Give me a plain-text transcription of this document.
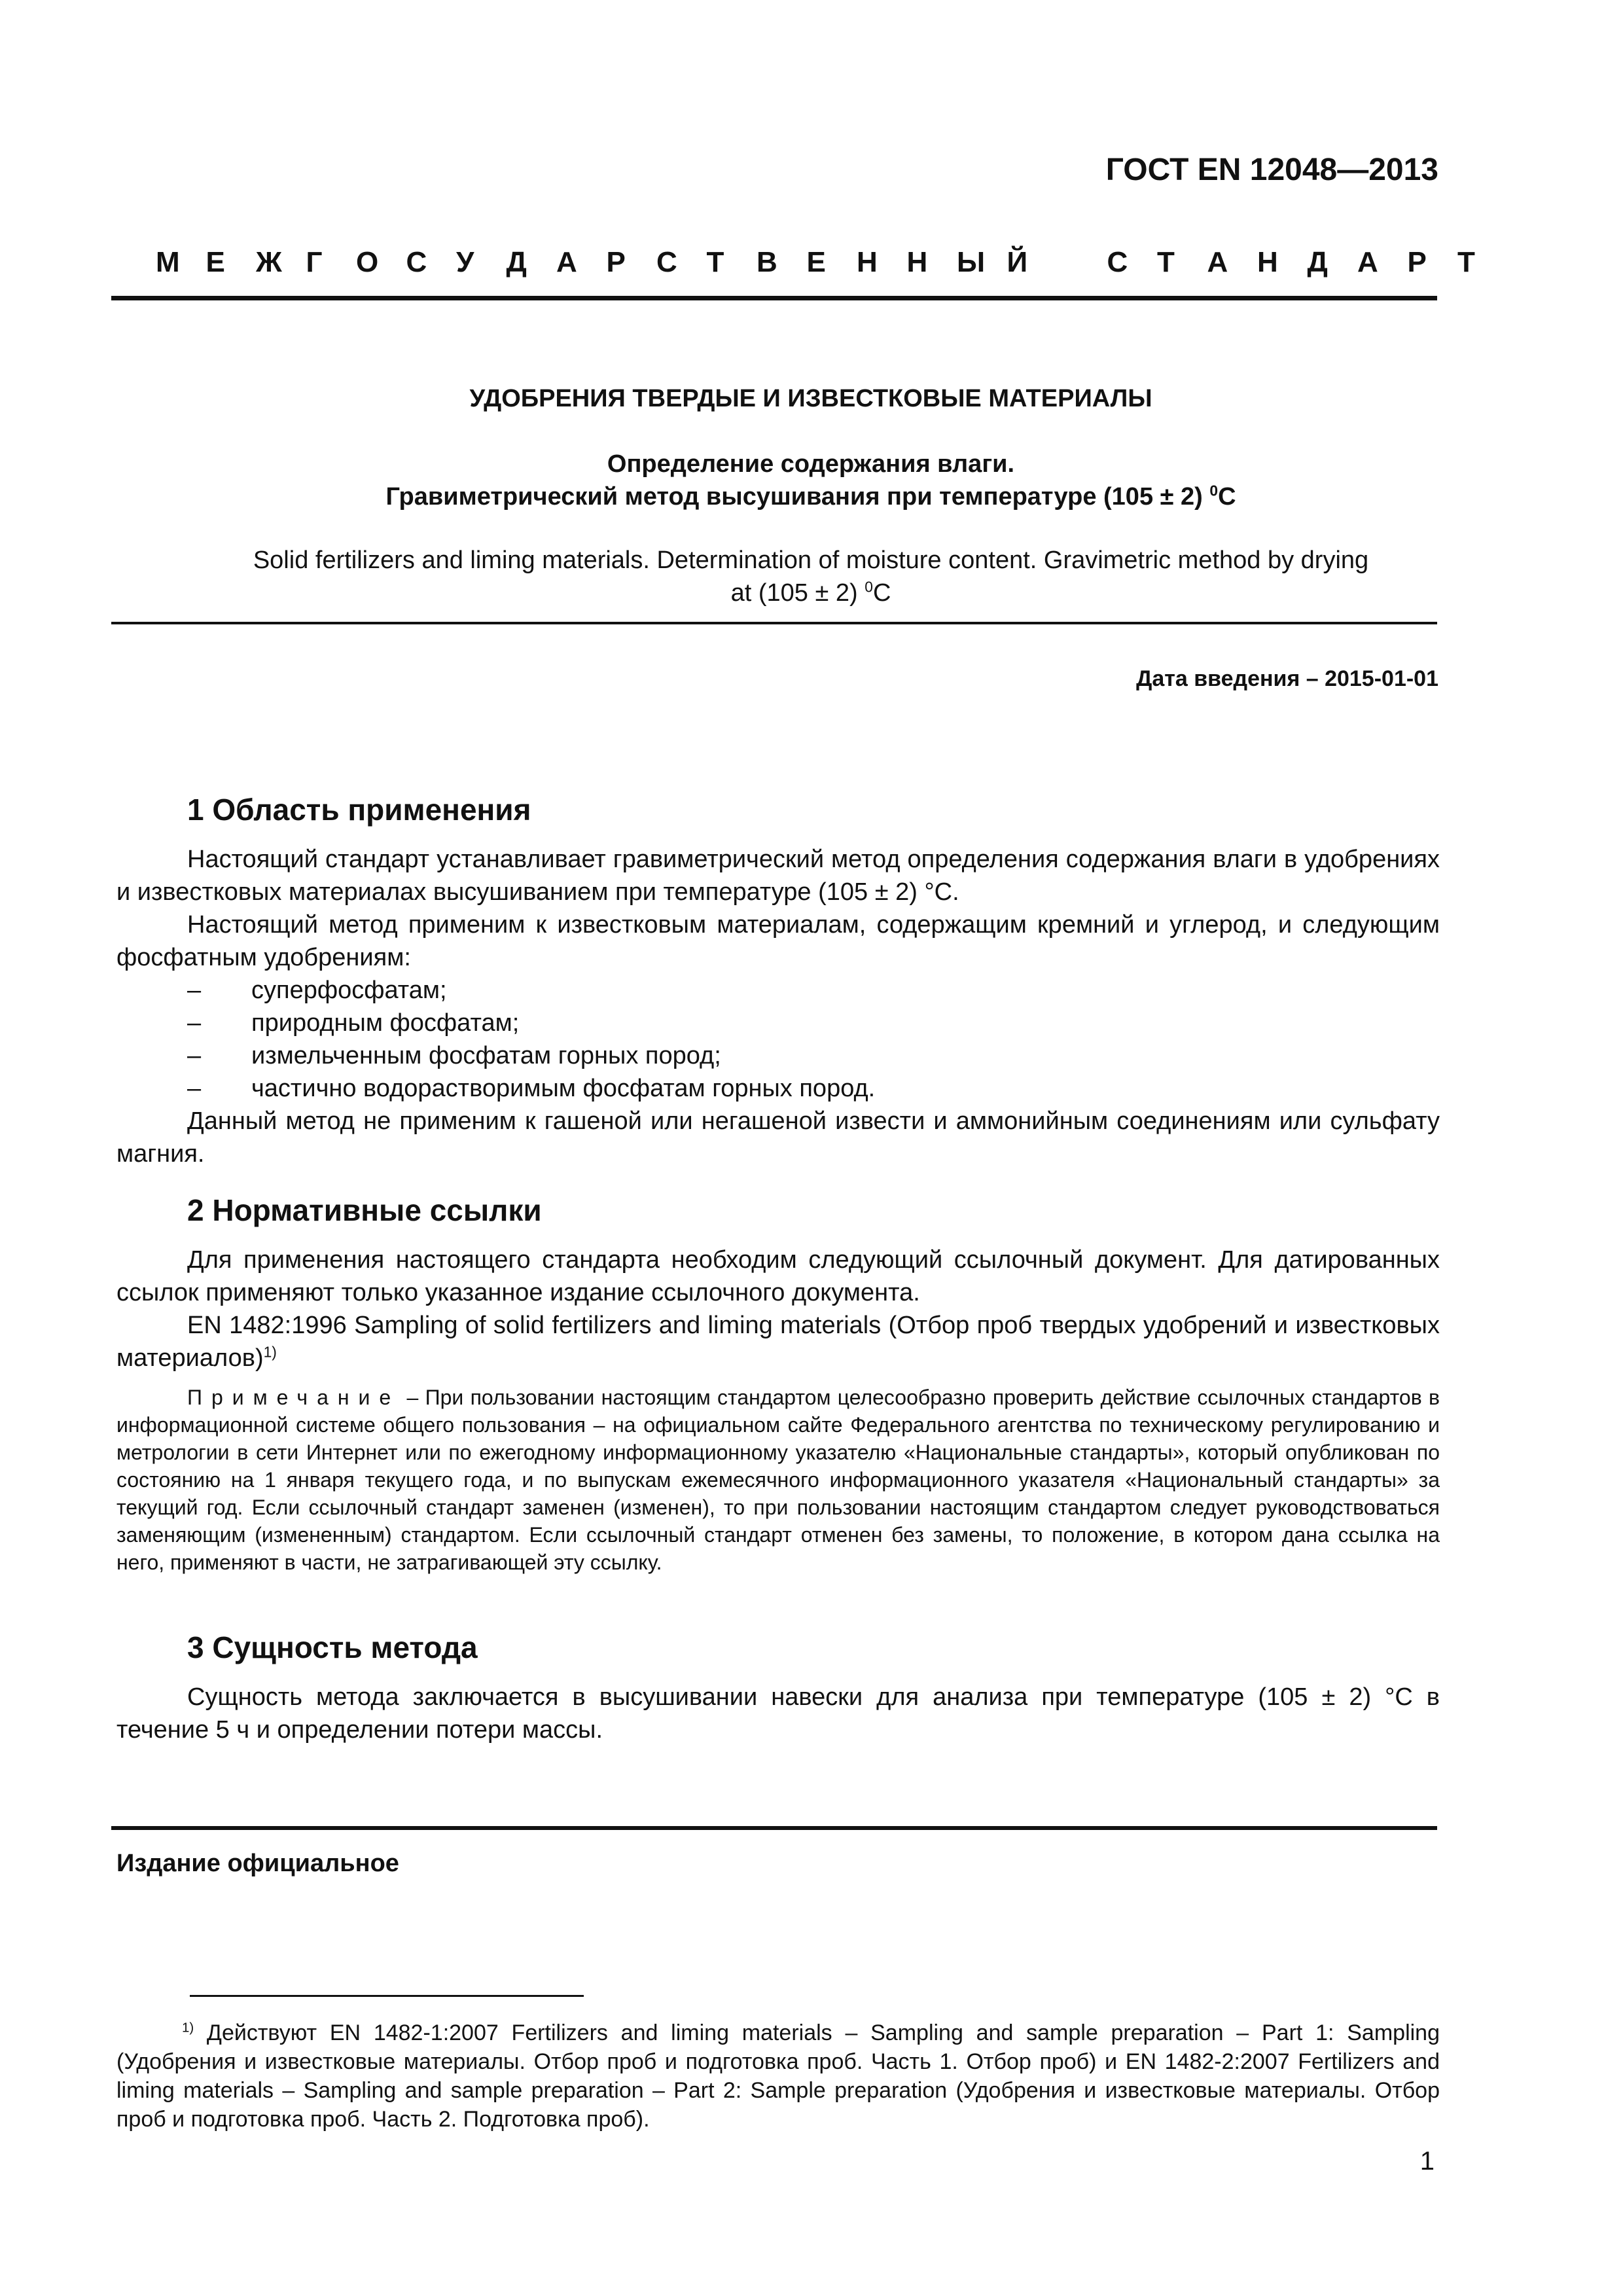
ГОСТ EN 12048—2013
М Е	Ж Г	О С	У	Д	А	Р	С	Т	В	Е	Н	Н	Ы Й	С	Т	А	Н	Д	А	Р	Т
УДОБРЕНИЯ ТВЕРДЫЕ И ИЗВЕСТКОВЫЕ МАТЕРИАЛЫ
Определение содержания влаги.
Гравиметрический метод высушивания при температуре (105 ± 2) $^0$С
Solid fertilizers and liming materials. Determination of moisture content. Gravimetric method by drying
at (105 ± 2) $^0$C
Дата введения – 2015-01-01
1 Область применения

Настоящий стандарт устанавливает гравиметрический метод определения содержания влаги в удобрениях и известковых материалах высушиванием при температуре (105 ± 2) °С.

Настоящий метод применим к известковым материалам, содержащим кремний и углерод, и следующим фосфатным удобрениям:

– суперфосфатам;
– природным фосфатам;
– измельченным фосфатам горных пород;
– частично водорастворимым фосфатам горных пород.

Данный метод не применим к гашеной или негашеной извести и аммонийным соединениям или сульфату магния.

2 Нормативные ссылки

Для применения настоящего стандарта необходим следующий ссылочный документ. Для датированных ссылок применяют только указанное издание ссылочного документа.

EN 1482:1996 Sampling of solid fertilizers and liming materials (Отбор проб твердых удобрений и известковых материалов)$^{1)}$

Примечание – При пользовании настоящим стандартом целесообразно проверить действие ссылочных стандартов в информационной системе общего пользования – на официальном сайте Федерального агентства по техническому регулированию и метрологии в сети Интернет или по ежегодному информационному указателю «Национальные стандарты», который опубликован по состоянию на 1 января текущего года, и по выпускам ежемесячного информационного указателя «Национальный стандарты» за текущий год. Если ссылочный стандарт заменен (изменен), то при пользовании настоящим стандартом следует руководствоваться заменяющим (измененным) стандартом. Если ссылочный стандарт отменен без замены, то положение, в котором дана ссылка на него, применяют в части, не затрагивающей эту ссылку.
3 Сущность метода

Сущность метода заключается в высушивании навески для анализа при температуре (105 ± 2) °С в течение 5 ч и определении потери массы.

Издание официальное
$^{1)}$ Действуют EN 1482-1:2007 Fertilizers and liming materials – Sampling and sample preparation – Part 1: Sampling (Удобрения и известковые материалы. Отбор проб и подготовка проб. Часть 1. Отбор проб) и EN 1482-2:2007 Fertilizers and liming materials – Sampling and sample preparation – Part 2: Sample preparation (Удобрения и известковые материалы. Отбор проб и подготовка проб. Часть 2. Подготовка проб).
1
